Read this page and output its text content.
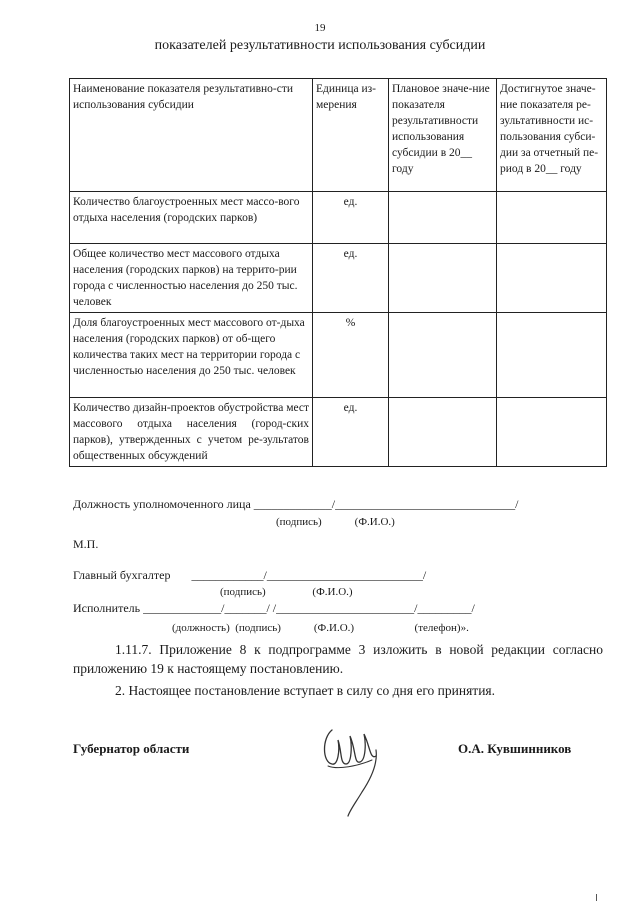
19
показателей результативности использования субсидии
Наименование показателя результативно-сти использования субсидии	Единица из-мерения	Плановое значе-ние показателя результативности использования субсидии в 20__ году	Достигнутое значе-ние показателя ре-зультативности ис-пользования субси-дии за отчетный пе-риод в 20__ году
Количество благоустроенных мест массо-вого отдыха населения (городских парков)	ед.		
Общее количество мест массового отдыха населения (городских парков) на террито-рии города с численностью населения до 250 тыс. человек	ед.		
Доля благоустроенных мест массового от-дыха населения (городских парков) от об-щего количества таких мест на территории города с численностью населения до 250 тыс. человек	%		
Количество дизайн-проектов обустройства мест массового отдыха населения (город-ских парков), утвержденных с учетом ре-зультатов общественных обсуждений	ед.		
Должность уполномоченного лица _____________/______________________________/
(подпись)            (Ф.И.О.)
М.П.
Главный бухгалтер       ____________/__________________________/
(подпись)                 (Ф.И.О.)
Исполнитель _____________/_______/ /_______________________/_________/
(должность)  (подпись)            (Ф.И.О.)                      (телефон)».
1.11.7. Приложение 8 к подпрограмме 3 изложить в новой редакции согласно приложению 19 к настоящему постановлению.
2. Настоящее постановление вступает в силу со дня его принятия.
Губернатор области	О.А. Кувшинников
